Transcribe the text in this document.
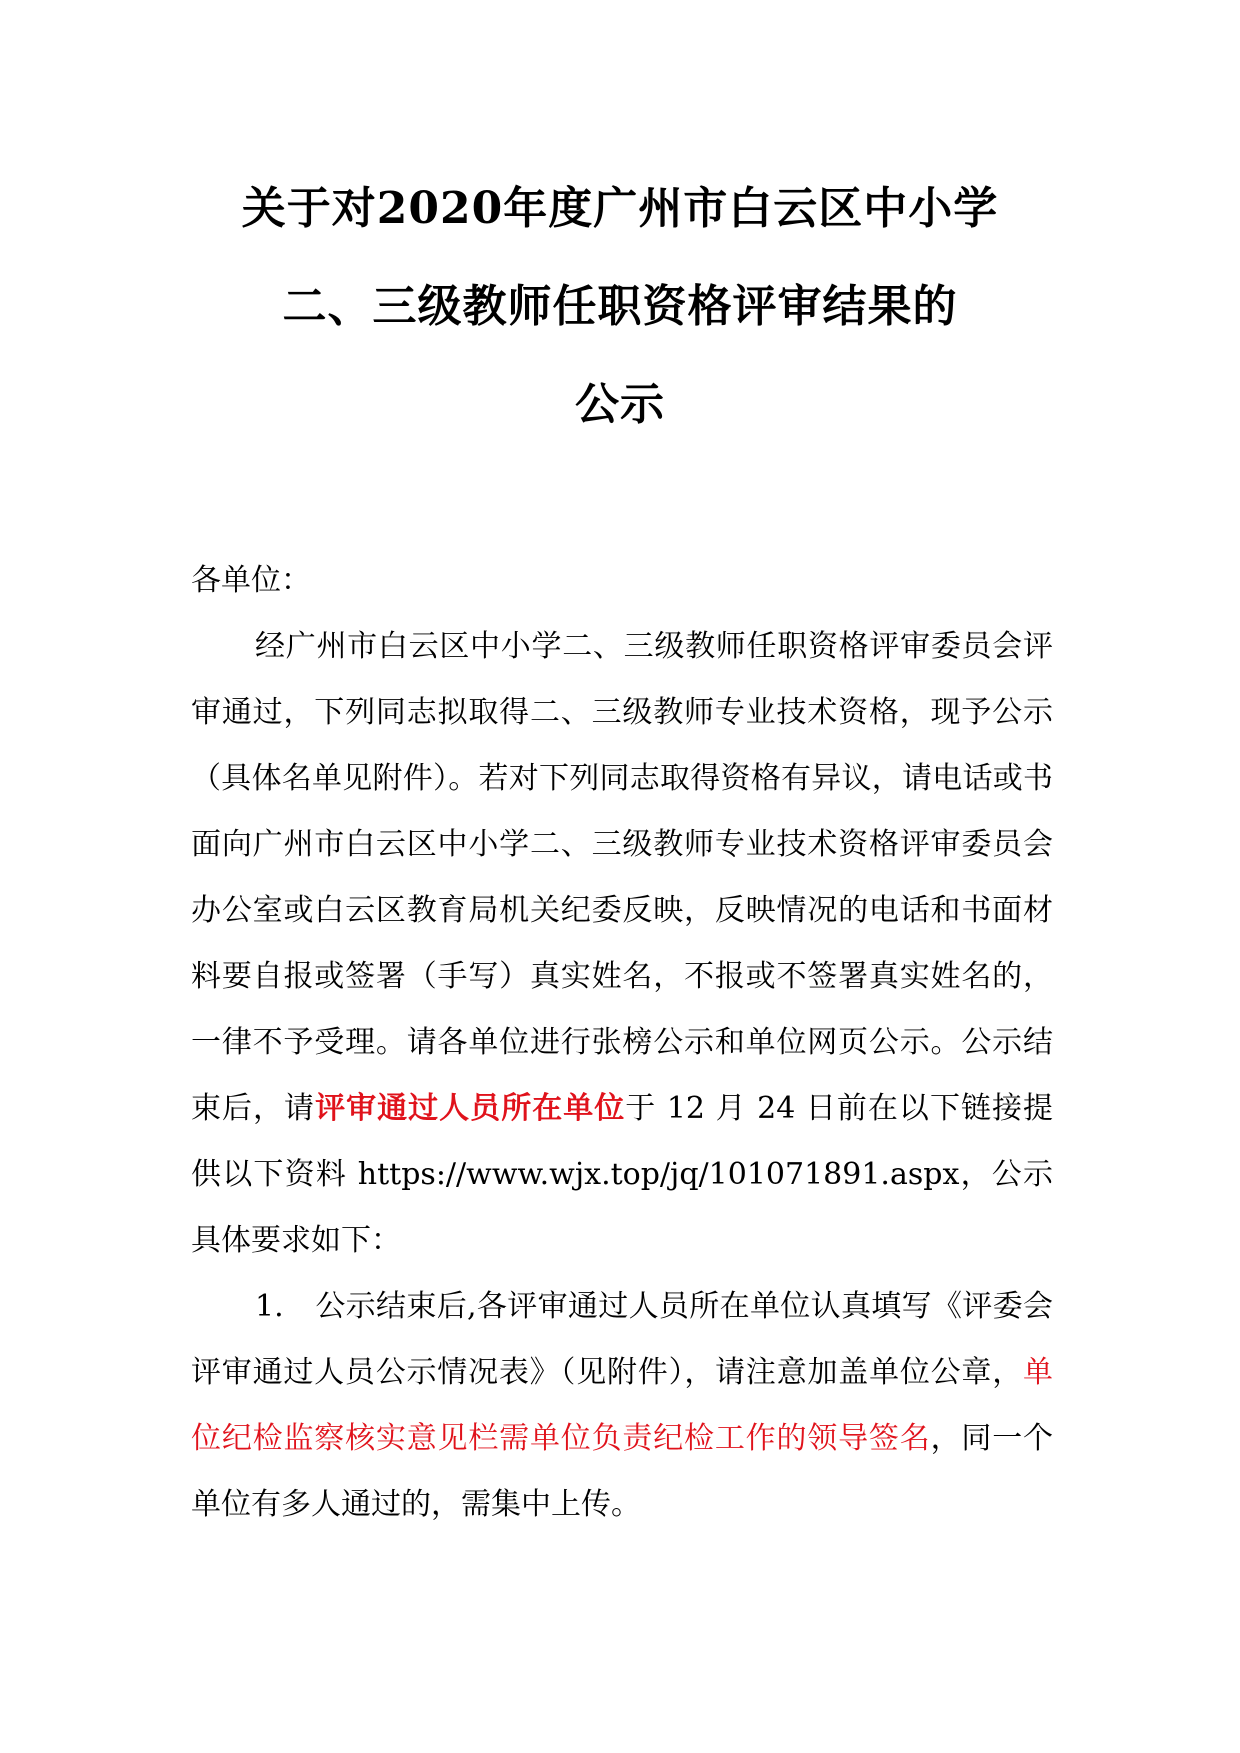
关于对2020年度广州市白云区中小学
二、三级教师任职资格评审结果的
公示
各单位：

经广州市白云区中小学二、三级教师任职资格评审委员会评审通过，下列同志拟取得二、三级教师专业技术资格，现予公示（具体名单见附件）。若对下列同志取得资格有异议，请电话或书面向广州市白云区中小学二、三级教师专业技术资格评审委员会办公室或白云区教育局机关纪委反映，反映情况的电话和书面材料要自报或签署（手写）真实姓名，不报或不签署真实姓名的，一律不予受理。请各单位进行张榜公示和单位网页公示。公示结束后，请评审通过人员所在单位于 12 月 24 日前在以下链接提供以下资料 https://www.wjx.top/jq/101071891.aspx，公示具体要求如下：

1. 公示结束后,各评审通过人员所在单位认真填写《评委会评审通过人员公示情况表》（见附件），请注意加盖单位公章，单位纪检监察核实意见栏需单位负责纪检工作的领导签名，同一个单位有多人通过的，需集中上传。
